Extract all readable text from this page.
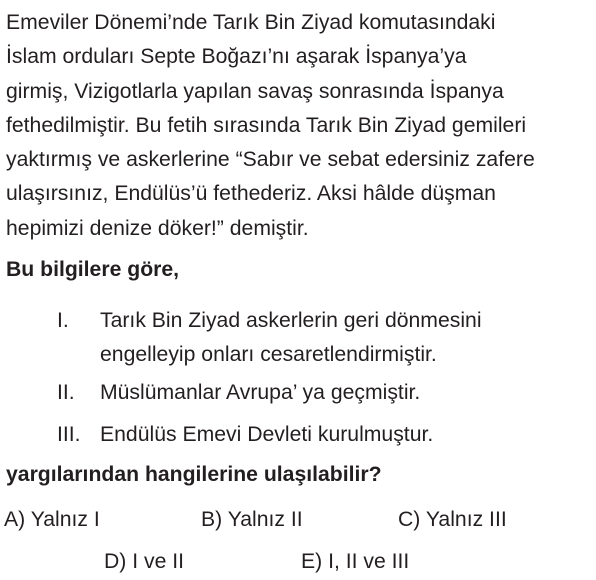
Emeviler Dönemi’nde Tarık Bin Ziyad komutasındaki
İslam orduları Septe Boğazı’nı aşarak İspanya’ya
girmiş, Vizigotlarla yapılan savaş sonrasında İspanya
fethedilmiştir. Bu fetih sırasında Tarık Bin Ziyad gemileri
yaktırmış ve askerlerine “Sabır ve sebat edersiniz zafere
ulaşırsınız, Endülüs’ü fethederiz. Aksi hâlde düşman
hepimizi denize döker!” demiştir.
Bu bilgilere göre,
I. Tarık Bin Ziyad askerlerin geri dönmesini
engelleyip onları cesaretlendirmiştir.
II. Müslümanlar Avrupa’ ya geçmiştir.
III. Endülüs Emevi Devleti kurulmuştur.
yargılarından hangilerine ulaşılabilir?
A) Yalnız I	B) Yalnız II	C) Yalnız III
D) I ve II	E) I, II ve III
